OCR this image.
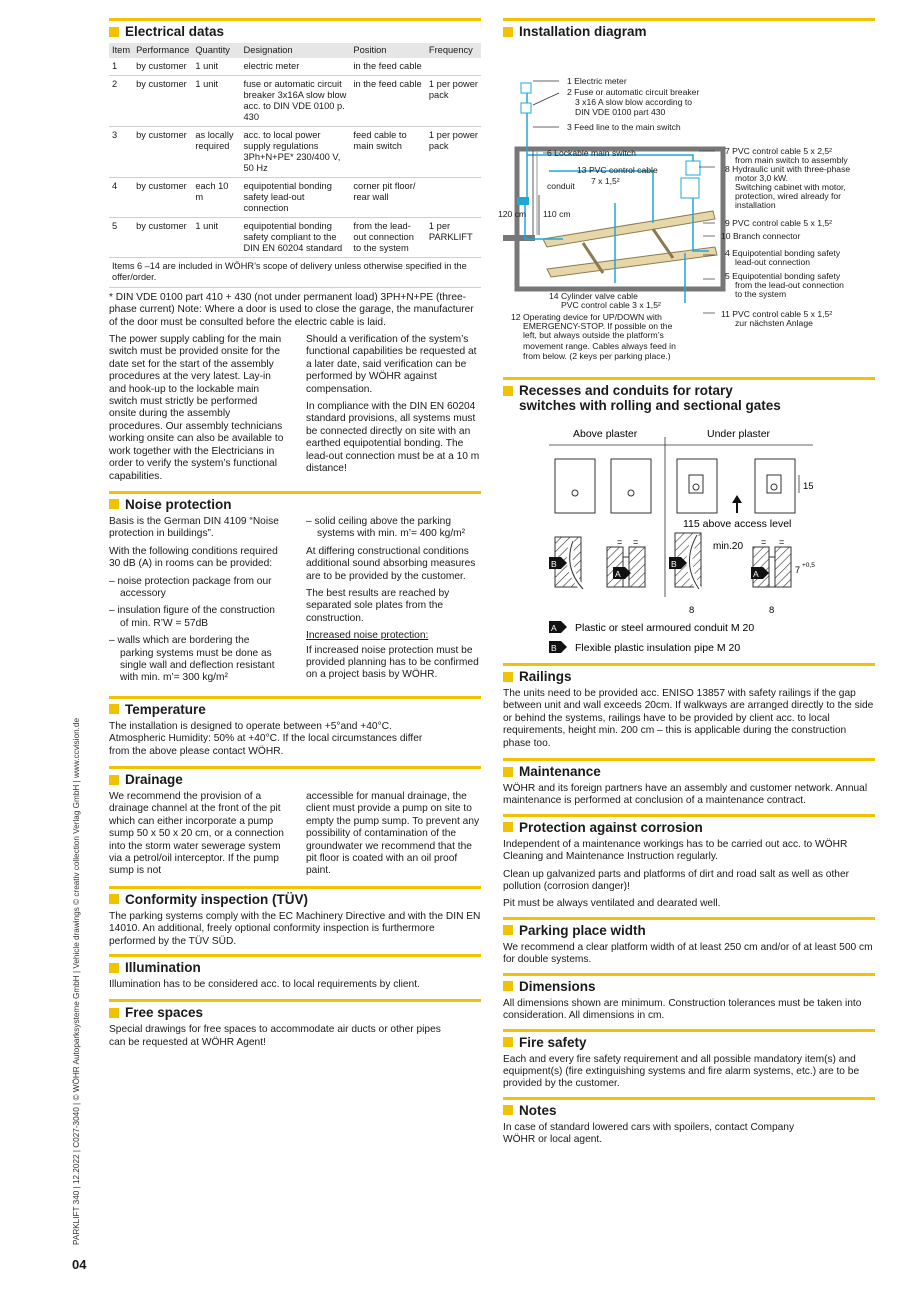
PARKLIFT 340 | 12.2022 | C027-3040 | © WÖHR Autoparksysteme GmbH | Vehicle drawings © creativ collection Verlag GmbH | www.ccvision.de
04
Electrical datas
Item	Performance	Quantity	Designation	Position	Frequency
1	by customer	1 unit	electric meter	in the feed cable	
2	by customer	1 unit	fuse or automatic circuit breaker 3x16A slow blow acc. to DIN VDE 0100 p. 430	in the feed cable	1 per power pack
3	by customer	as locally required	acc. to local power supply regulations 3Ph+N+PE* 230/400 V, 50 Hz	feed cable to main switch	1 per power pack
4	by customer	each 10 m	equipotential bonding safety lead-out connection	corner pit floor/ rear wall	
5	by customer	1 unit	equipotential bonding safety compliant to the DIN EN 60204 standard	from the lead-out connection to the system	1 per PARKLIFT
Items 6 –14 are included in WÖHR’s scope of delivery unless otherwise specified in the offer/order.

* DIN VDE 0100 part 410 + 430 (not under permanent load) 3PH+N+PE (three-phase current) Note: Where a door is used to close the garage, the manufacturer of the door must be consulted before the electric cable is laid.

The power supply cabling for the main switch must be provided onsite for the date set for the start of the assembly procedures at the very latest. Lay-in and hook-up to the lockable main switch must strictly be performed onsite during the assembly procedures. Our assembly technicians working onsite can also be available to work together with the Electricians in order to verify the system’s functional capabilities.

Should a verification of the system’s functional capabilities be requested at a later date, said verification can be performed by WÖHR against compensation.

In compliance with the DIN EN 60204 standard provisions, all systems must be connected directly on site with an earthed equipotential bonding. The lead-out connection must be at a 10 m distance!

Noise protection

Basis is the German DIN 4109 “Noise protection in buildings”.

With the following conditions required 30 dB (A) in rooms can be provided:

– noise protection package from our accessory

– insulation figure of the construction of min. R’W = 57dB

– walls which are bordering the parking systems must be done as single wall and deflection resistant with min. m’= 300 kg/m²

– solid ceiling above the parking systems with min. m’= 400 kg/m²

At differing constructional conditions additional sound absorbing measures are to be provided by the customer.

The best results are reached by separated sole plates from the construction.

Increased noise protection:

If increased noise protection must be provided planning has to be confirmed on a project basis by WÖHR.

Temperature

The installation is designed to operate between +5°and +40°C. Atmospheric Humidity: 50% at +40°C. If the local circumstances differ from the above please contact WÖHR.

Drainage

We recommend the provision of a drainage channel at the front of the pit which can either incorporate a pump sump 50 x 50 x 20 cm, or a connection into the storm water sewerage system via a petrol/oil interceptor. If the pump sump is not

accessible for manual drainage, the client must provide a pump on site to empty the pump sump. To prevent any possibility of contamination of the groundwater we recommend that the pit floor is coated with an oil proof paint.

Conformity inspection (TÜV)

The parking systems comply with the EC Machinery Directive and with the DIN EN 14010. An additional, freely optional conformity inspection is furthermore performed by the TÜV SÜD.

Illumination

Illumination has to be considered acc. to local requirements by client.

Free spaces

Special drawings for free spaces to accommodate air ducts or other pipes can be requested at WÖHR Agent!

Installation diagram
1 Electric meter
2 Fuse or automatic circuit breaker
3 x16 A slow blow according to
DIN VDE 0100 part 430
3 Feed line to the main switch
6 Lockable main switch
13 PVC control cable
7 x 1,5²
conduit
120 cm 110 cm
7 PVC control cable 5 x 2,5²
from main switch to assembly
8 Hydraulic unit with three-phase
motor 3,0 kW.
Switching cabinet with motor,
protection, wired already for
installation
9 PVC control cable 5 x 1,5²
10 Branch connector
4 Equipotential bonding safety
lead-out connection
5 Equipotential bonding safety
from the lead-out connection
to the system
11 PVC control cable 5 x 1,5²
zur nächsten Anlage
14 Cylinder valve cable
PVC control cable 3 x 1,5²
12 Operating device for UP/DOWN with
EMERGENCY-STOP. If possible on the
left, but always outside the platform’s
movement range. Cables always feed in
from below. (2 keys per parking place.)
Recesses and conduits for rotary
switches with rolling and sectional gates
Above plaster	Under plaster
15
115 above access level
= =	min.20 = =
7 +0,5
8	8
B
A
B
A
A Plastic or steel armoured conduit M 20
B Flexible plastic insulation pipe M 20
Railings

The units need to be provided acc. ENISO 13857 with safety railings if the gap between unit and wall exceeds 20cm. If walkways are arranged directly to the side or behind the systems, railings have to be provided by client acc. to local requirements, height min. 200 cm – this is applicable during the construction phase too.

Maintenance

WÖHR and its foreign partners have an assembly and customer network. Annual maintenance is performed at conclusion of a maintenance contract.

Protection against corrosion

Independent of a maintenance workings has to be carried out acc. to WÖHR Cleaning and Maintenance Instruction regularly.

Clean up galvanized parts and platforms of dirt and road salt as well as other pollution (corrosion danger)!

Pit must be always ventilated and dearated well.

Parking place width

We recommend a clear platform width of at least 250 cm and/or of at least 500 cm for double systems.

Dimensions

All dimensions shown are minimum. Construction tolerances must be taken into consideration. All dimensions in cm.

Fire safety

Each and every fire safety requirement and all possible mandatory item(s) and equipment(s) (fire extinguishing systems and fire alarm systems, etc.) are to be provided by the customer.

Notes

In case of standard lowered cars with spoilers, contact Company WÖHR or local agent.
